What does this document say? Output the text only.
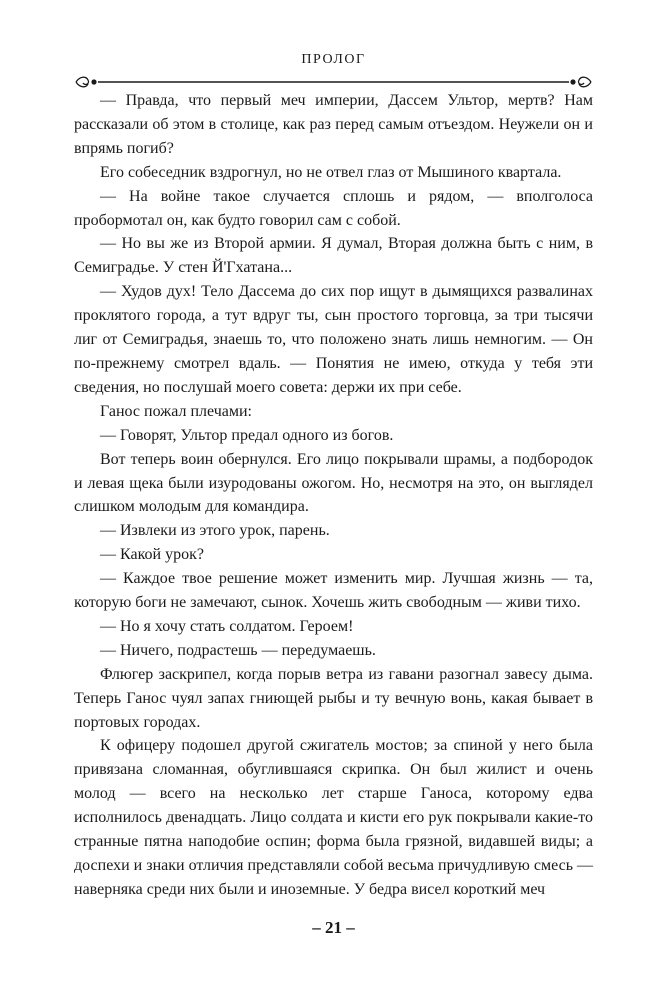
ПРОЛОГ

— Правда, что первый меч империи, Дассем Ультор, мертв? Нам рассказали об этом в столице, как раз перед самым отъездом. Неужели он и впрямь погиб?

Его собеседник вздрогнул, но не отвел глаз от Мышиного квартала.

— На войне такое случается сплошь и рядом, — вполголоса пробормотал он, как будто говорил сам с собой.

— Но вы же из Второй армии. Я думал, Вторая должна быть с ним, в Семиградье. У стен Й'Гхатана...

— Худов дух! Тело Дассема до сих пор ищут в дымящихся развалинах проклятого города, а тут вдруг ты, сын простого торговца, за три тысячи лиг от Семиградья, знаешь то, что положено знать лишь немногим. — Он по-прежнему смотрел вдаль. — Понятия не имею, откуда у тебя эти сведения, но послушай моего совета: держи их при себе.

Ганос пожал плечами:

— Говорят, Ультор предал одного из богов.

Вот теперь воин обернулся. Его лицо покрывали шрамы, а подбородок и левая щека были изуродованы ожогом. Но, несмотря на это, он выглядел слишком молодым для командира.

— Извлеки из этого урок, парень.

— Какой урок?

— Каждое твое решение может изменить мир. Лучшая жизнь — та, которую боги не замечают, сынок. Хочешь жить свободным — живи тихо.

— Но я хочу стать солдатом. Героем!

— Ничего, подрастешь — передумаешь.

Флюгер заскрипел, когда порыв ветра из гавани разогнал завесу дыма. Теперь Ганос чуял запах гниющей рыбы и ту вечную вонь, какая бывает в портовых городах.

К офицеру подошел другой сжигатель мостов; за спиной у него была привязана сломанная, обуглившаяся скрипка. Он был жилист и очень молод — всего на несколько лет старше Ганоса, которому едва исполнилось двенадцать. Лицо солдата и кисти его рук покрывали какие-то странные пятна наподобие оспин; форма была грязной, видавшей виды; а доспехи и знаки отличия представляли собой весьма причудливую смесь — наверняка среди них были и иноземные. У бедра висел короткий меч

– 21 –
